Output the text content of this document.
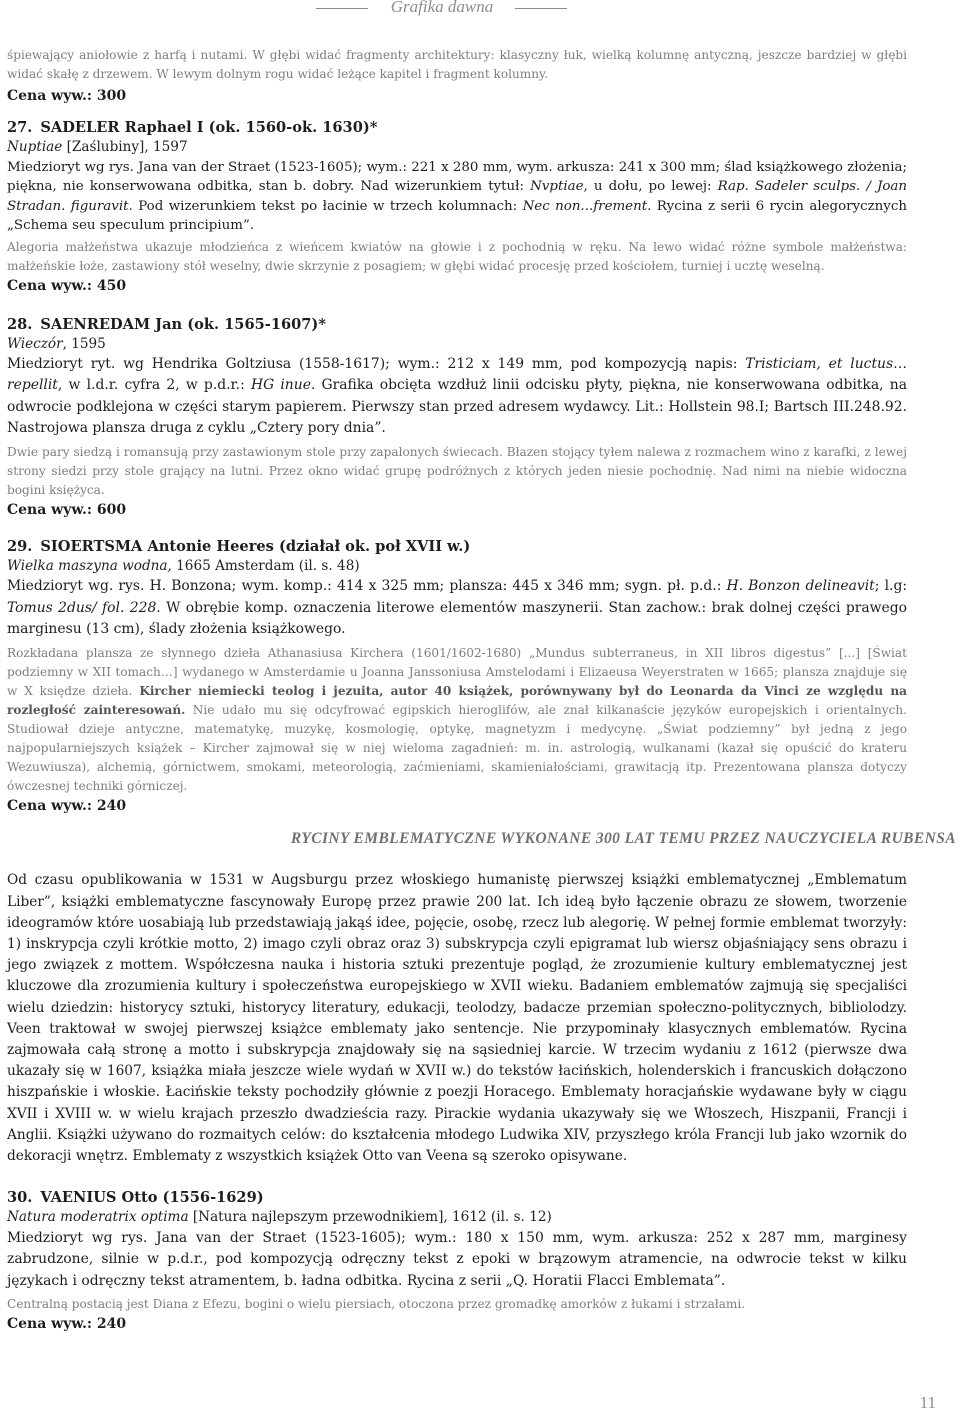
Grafika dawna

śpiewający aniołowie z harfą i nutami. W głębi widać fragmenty architektury: klasyczny łuk, wielką kolumnę antyczną, jeszcze bardziej w głębi widać skałę z drzewem. W lewym dolnym rogu widać leżące kapitel i fragment kolumny.

Cena wyw.: 300

27. SADELER Raphael I (ok. 1560-ok. 1630)*

Nuptiae [Zaślubiny], 1597

Miedzioryt wg rys. Jana van der Straet (1523-1605); wym.: 221 x 280 mm, wym. arkusza: 241 x 300 mm; ślad książkowego złożenia; piękna, nie konserwowana odbitka, stan b. dobry. Nad wizerunkiem tytuł: Nvptiae, u dołu, po lewej: Rap. Sadeler sculps. / Joan Stradan. figuravit. Pod wizerunkiem tekst po łacinie w trzech kolumnach: Nec non...frement. Rycina z serii 6 rycin alegorycznych „Schema seu speculum principium”.

Alegoria małżeństwa ukazuje młodzieńca z wieńcem kwiatów na głowie i z pochodnią w ręku. Na lewo widać różne symbole małżeństwa: małżeńskie łoże, zastawiony stół weselny, dwie skrzynie z posagiem; w głębi widać procesję przed kościołem, turniej i ucztę weselną.

Cena wyw.: 450

28. SAENREDAM Jan (ok. 1565-1607)*

Wieczór, 1595

Miedzioryt ryt. wg Hendrika Goltziusa (1558-1617); wym.: 212 x 149 mm, pod kompozycją napis: Tristiciam, et luctus… repellit, w l.d.r. cyfra 2, w p.d.r.: HG inue. Grafika obcięta wzdłuż linii odcisku płyty, piękna, nie konserwowana odbitka, na odwrocie podklejona w części starym papierem. Pierwszy stan przed adresem wydawcy. Lit.: Hollstein 98.I; Bartsch III.248.92. Nastrojowa plansza druga z cyklu „Cztery pory dnia”.

Dwie pary siedzą i romansują przy zastawionym stole przy zapalonych świecach. Błazen stojący tyłem nalewa z rozmachem wino z karafki, z lewej strony siedzi przy stole grający na lutni. Przez okno widać grupę podróżnych z których jeden niesie pochodnię. Nad nimi na niebie widoczna bogini księżyca.

Cena wyw.: 600

29. SIOERTSMA Antonie Heeres (działał ok. poł XVII w.)

Wielka maszyna wodna, 1665 Amsterdam (il. s. 48)

Miedzioryt wg. rys. H. Bonzona; wym. komp.: 414 x 325 mm; plansza: 445 x 346 mm; sygn. pł. p.d.: H. Bonzon delineavit; l.g: Tomus 2dus/ fol. 228. W obrębie komp. oznaczenia literowe elementów maszynerii. Stan zachow.: brak dolnej części prawego marginesu (13 cm), ślady złożenia książkowego.

Rozkładana plansza ze słynnego dzieła Athanasiusa Kirchera (1601/1602-1680) „Mundus subterraneus, in XII libros digestus” [...] [Świat podziemny w XII tomach…] wydanego w Amsterdamie u Joanna Janssoniusa Amstelodami i Elizaeusa Weyerstraten w 1665; plansza znajduje się w X księdze dzieła. Kircher niemiecki teolog i jezuita, autor 40 książek, porównywany był do Leonarda da Vinci ze względu na rozległość zainteresowań. Nie udało mu się odcyfrować egipskich hieroglifów, ale znał kilkanaście języków europejskich i orientalnych. Studiował dzieje antyczne, matematykę, muzykę, kosmologię, optykę, magnetyzm i medycynę. „Świat podziemny” był jedną z jego najpopularniejszych książek – Kircher zajmował się w niej wieloma zagadnień: m. in. astrologią, wulkanami (kazał się opuścić do krateru Wezuwiusza), alchemią, górnictwem, smokami, meteorologią, zaćmieniami, skamieniałościami, grawitacją itp. Prezentowana plansza dotyczy ówczesnej techniki górniczej.

Cena wyw.: 240

RYCINY EMBLEMATYCZNE WYKONANE 300 LAT TEMU PRZEZ NAUCZYCIELA RUBENSA

Od czasu opublikowania w 1531 w Augsburgu przez włoskiego humanistę pierwszej książki emblematycznej „Emblematum Liber”, książki emblematyczne fascynowały Europę przez prawie 200 lat. Ich ideą było łączenie obrazu ze słowem, tworzenie ideogramów które uosabiają lub przedstawiają jakąś idee, pojęcie, osobę, rzecz lub alegorię. W pełnej formie emblemat tworzyły: 1) inskrypcja czyli krótkie motto, 2) imago czyli obraz oraz 3) subskrypcja czyli epigramat lub wiersz objaśniający sens obrazu i jego związek z mottem. Współczesna nauka i historia sztuki prezentuje pogląd, że zrozumienie kultury emblematycznej jest kluczowe dla zrozumienia kultury i społeczeństwa europejskiego w XVII wieku. Badaniem emblematów zajmują się specjaliści wielu dziedzin: historycy sztuki, historycy literatury, edukacji, teolodzy, badacze przemian społeczno-politycznych, bibliolodzy. Veen traktował w swojej pierwszej książce emblematy jako sentencje. Nie przypominały klasycznych emblematów. Rycina zajmowała całą stronę a motto i subskrypcja znajdowały się na sąsiedniej karcie. W trzecim wydaniu z 1612 (pierwsze dwa ukazały się w 1607, książka miała jeszcze wiele wydań w XVII w.) do tekstów łacińskich, holenderskich i francuskich dołączono hiszpańskie i włoskie. Łacińskie teksty pochodziły głównie z poezji Horacego. Emblematy horacjańskie wydawane były w ciągu XVII i XVIII w. w wielu krajach przeszło dwadzieścia razy. Pirackie wydania ukazywały się we Włoszech, Hiszpanii, Francji i Anglii. Książki używano do rozmaitych celów: do kształcenia młodego Ludwika XIV, przyszłego króla Francji lub jako wzornik do dekoracji wnętrz. Emblematy z wszystkich książek Otto van Veena są szeroko opisywane.

30. VAENIUS Otto (1556-1629)

Natura moderatrix optima [Natura najlepszym przewodnikiem], 1612 (il. s. 12)

Miedzioryt wg rys. Jana van der Straet (1523-1605); wym.: 180 x 150 mm, wym. arkusza: 252 x 287 mm, marginesy zabrudzone, silnie w p.d.r., pod kompozycją odręczny tekst z epoki w brązowym atramencie, na odwrocie tekst w kilku językach i odręczny tekst atramentem, b. ładna odbitka. Rycina z serii „Q. Horatii Flacci Emblemata”.

Centralną postacią jest Diana z Efezu, bogini o wielu piersiach, otoczona przez gromadkę amorków z łukami i strzałami.

Cena wyw.: 240

11
